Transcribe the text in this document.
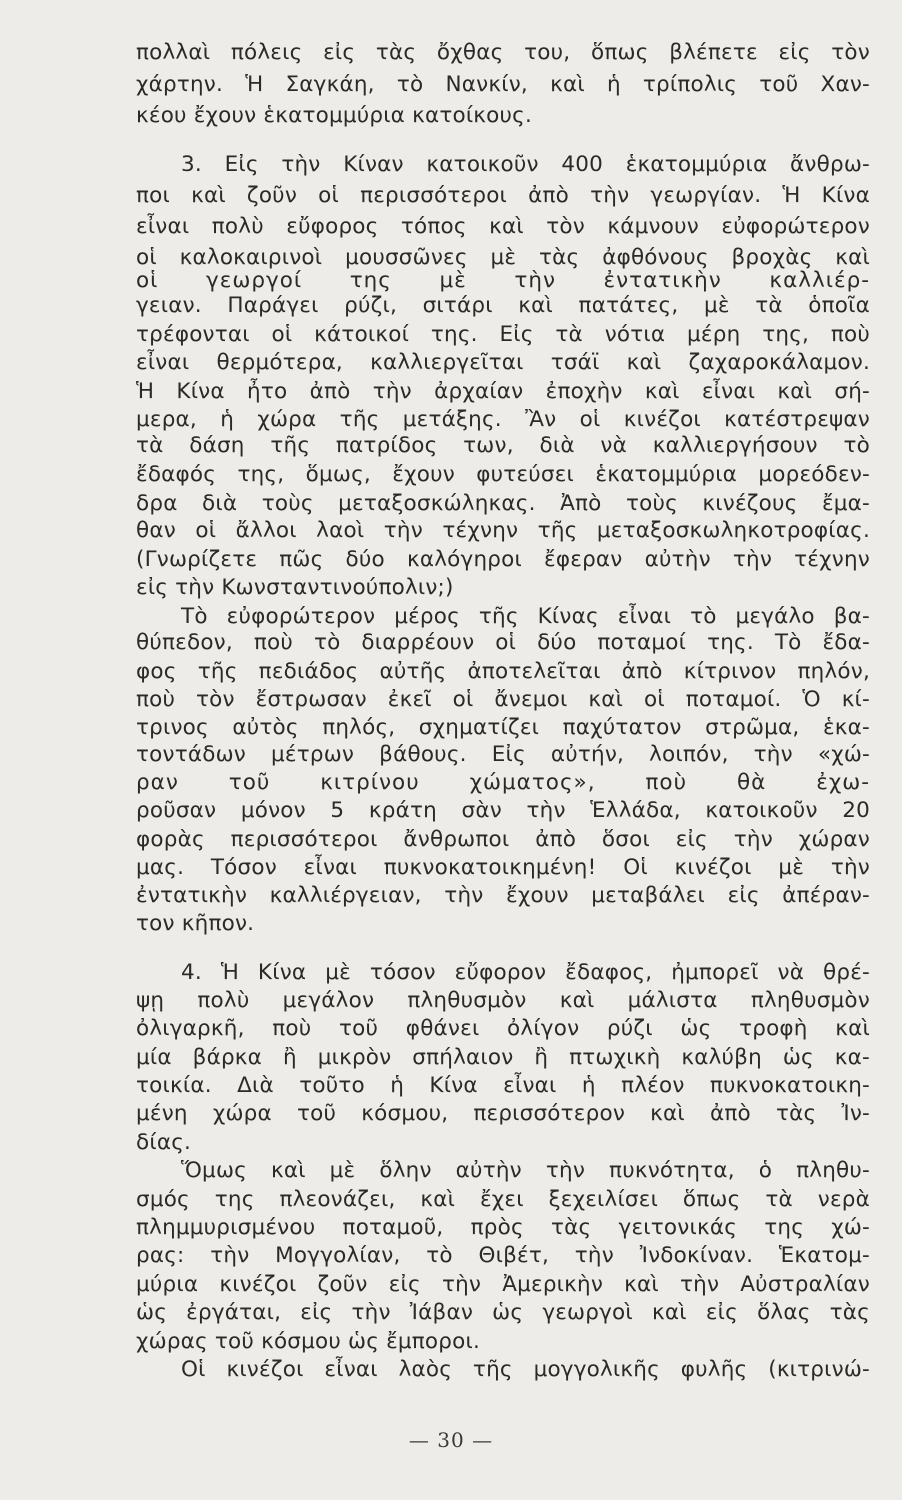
πολλαὶ πόλεις εἰς τὰς ὄχθας του, ὅπως βλέπετε εἰς τὸν
χάρτην. Ἡ Σαγκάη, τὸ Νανκίν, καὶ ἡ τρίπολις τοῦ Χαν-
κέου ἔχουν ἑκατομμύρια κατοίκους.
3. Εἰς τὴν Κίναν κατοικοῦν 400 ἑκατομμύρια ἄνθρω-
ποι καὶ ζοῦν οἱ περισσότεροι ἀπὸ τὴν γεωργίαν. Ἡ Κίνα
εἶναι πολὺ εὔφορος τόπος καὶ τὸν κάμνουν εὐφορώτερον
οἱ καλοκαιρινοὶ μουσσῶνες μὲ τὰς ἀφθόνους βροχὰς καὶ
οἱ γεωργοί της μὲ τὴν ἐντατικὴν καλλιέρ-
γειαν. Παράγει ρύζι, σιτάρι καὶ πατάτες, μὲ τὰ ὁποῖα
τρέφονται οἱ κάτοικοί της. Εἰς τὰ νότια μέρη της, ποὺ
εἶναι θερμότερα, καλλιεργεῖται τσάϊ καὶ ζαχαροκάλαμον.
Ἡ Κίνα ἦτο ἀπὸ τὴν ἀρχαίαν ἐποχὴν καὶ εἶναι καὶ σή-
μερα, ἡ χώρα τῆς μετάξης. Ἂν οἱ κινέζοι κατέστρεψαν
τὰ δάση τῆς πατρίδος των, διὰ νὰ καλλιεργήσουν τὸ
ἔδαφός της, ὅμως, ἔχουν φυτεύσει ἑκατομμύρια μορεόδεν-
δρα διὰ τοὺς μεταξοσκώληκας. Ἀπὸ τοὺς κινέζους ἔμα-
θαν οἱ ἄλλοι λαοὶ τὴν τέχνην τῆς μεταξοσκωληκοτροφίας.
(Γνωρίζετε πῶς δύο καλόγηροι ἔφεραν αὐτὴν τὴν τέχνην
εἰς τὴν Κωνσταντινούπολιν;)
Τὸ εὐφορώτερον μέρος τῆς Κίνας εἶναι τὸ μεγάλο βα-
θύπεδον, ποὺ τὸ διαρρέουν οἱ δύο ποταμοί της. Τὸ ἔδα-
φος τῆς πεδιάδος αὐτῆς ἀποτελεῖται ἀπὸ κίτρινον πηλόν,
ποὺ τὸν ἔστρωσαν ἐκεῖ οἱ ἄνεμοι καὶ οἱ ποταμοί. Ὁ κί-
τρινος αὐτὸς πηλός, σχηματίζει παχύτατον στρῶμα, ἑκα-
τοντάδων μέτρων βάθους. Εἰς αὐτήν, λοιπόν, τὴν «χώ-
ραν τοῦ κιτρίνου χώματος», ποὺ θὰ ἐχω-
ροῦσαν μόνον 5 κράτη σὰν τὴν Ἑλλάδα, κατοικοῦν 20
φορὰς περισσότεροι ἄνθρωποι ἀπὸ ὅσοι εἰς τὴν χώραν
μας. Τόσον εἶναι πυκνοκατοικημένη! Οἱ κινέζοι μὲ τὴν
ἐντατικὴν καλλιέργειαν, τὴν ἔχουν μεταβάλει εἰς ἀπέραν-
τον κῆπον.
4. Ἡ Κίνα μὲ τόσον εὔφορον ἔδαφος, ἠμπορεῖ νὰ θρέ-
ψῃ πολὺ μεγάλον πληθυσμὸν καὶ μάλιστα πληθυσμὸν
ὀλιγαρκῆ, ποὺ τοῦ φθάνει ὀλίγον ρύζι ὡς τροφὴ καὶ
μία βάρκα ἢ μικρὸν σπήλαιον ἢ πτωχικὴ καλύβη ὡς κα-
τοικία. Διὰ τοῦτο ἡ Κίνα εἶναι ἡ πλέον πυκνοκατοικη-
μένη χώρα τοῦ κόσμου, περισσότερον καὶ ἀπὸ τὰς Ἰν-
δίας.
Ὅμως καὶ μὲ ὅλην αὐτὴν τὴν πυκνότητα, ὁ πληθυ-
σμός της πλεονάζει, καὶ ἔχει ξεχειλίσει ὅπως τὰ νερὰ
πλημμυρισμένου ποταμοῦ, πρὸς τὰς γειτονικάς της χώ-
ρας: τὴν Μογγολίαν, τὸ Θιβέτ, τὴν Ἰνδοκίναν. Ἑκατομ-
μύρια κινέζοι ζοῦν εἰς τὴν Ἀμερικὴν καὶ τὴν Αὐστραλίαν
ὡς ἐργάται, εἰς τὴν Ἰάβαν ὡς γεωργοὶ καὶ εἰς ὅλας τὰς
χώρας τοῦ κόσμου ὡς ἔμποροι.
Οἱ κινέζοι εἶναι λαὸς τῆς μογγολικῆς φυλῆς (κιτρινώ-
— 30 —
